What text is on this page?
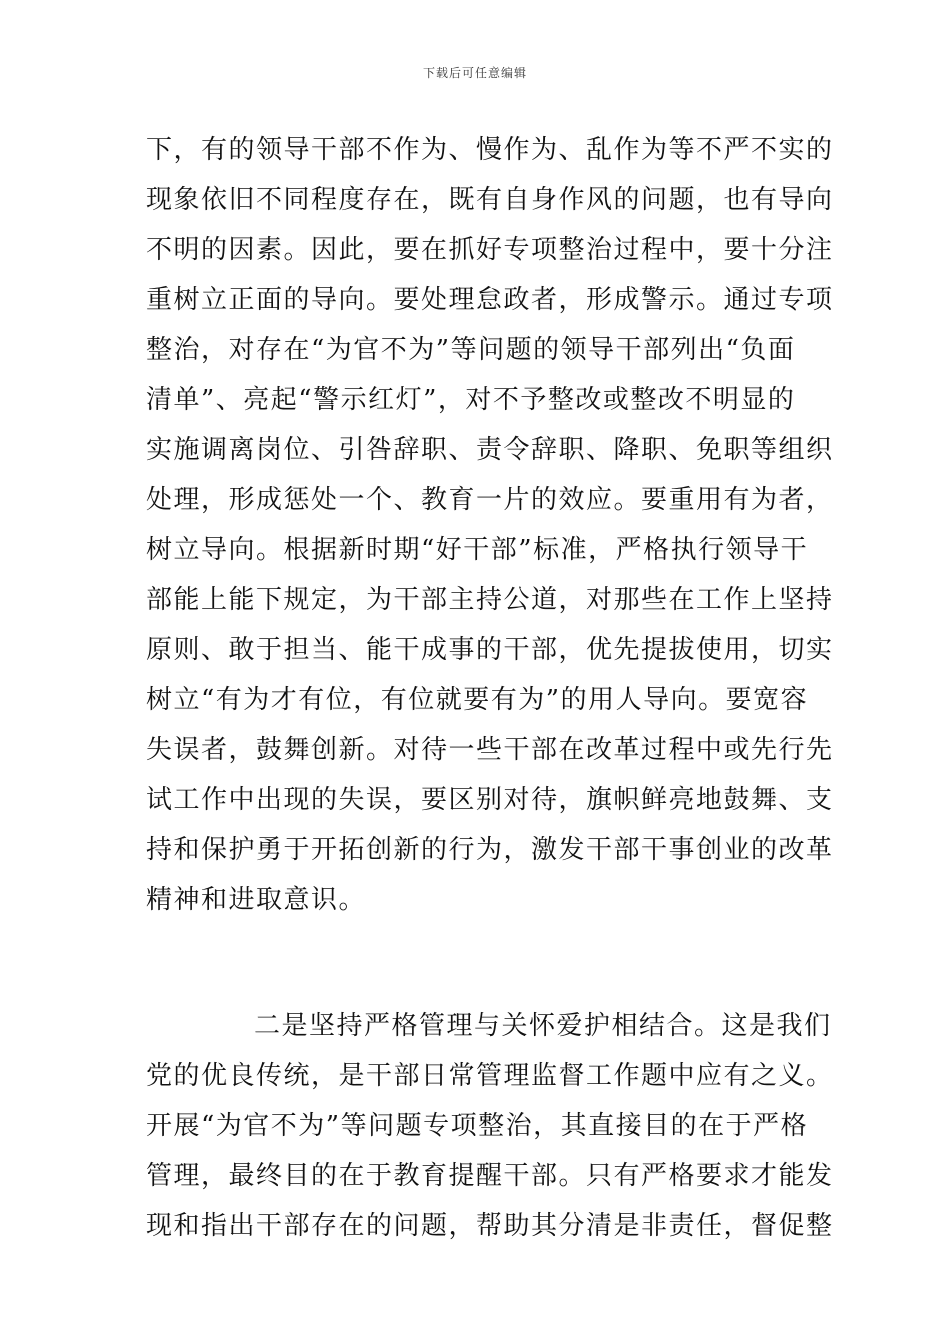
下载后可任意编辑
下，有的领导干部不作为、慢作为、乱作为等不严不实的
现象依旧不同程度存在，既有自身作风的问题，也有导向
不明的因素。因此，要在抓好专项整治过程中，要十分注
重树立正面的导向。要处理怠政者，形成警示。通过专项
整治，对存在“为官不为”等问题的领导干部列出“负面
清单”、亮起“警示红灯”，对不予整改或整改不明显的
实施调离岗位、引咎辞职、责令辞职、降职、免职等组织
处理，形成惩处一个、教育一片的效应。要重用有为者，
树立导向。根据新时期“好干部”标准，严格执行领导干
部能上能下规定，为干部主持公道，对那些在工作上坚持
原则、敢于担当、能干成事的干部，优先提拔使用，切实
树立“有为才有位，有位就要有为”的用人导向。要宽容
失误者，鼓舞创新。对待一些干部在改革过程中或先行先
试工作中出现的失误，要区别对待，旗帜鲜亮地鼓舞、支
持和保护勇于开拓创新的行为，激发干部干事创业的改革
精神和进取意识。
二是坚持严格管理与关怀爱护相结合。这是我们
党的优良传统，是干部日常管理监督工作题中应有之义。
开展“为官不为”等问题专项整治，其直接目的在于严格
管理，最终目的在于教育提醒干部。只有严格要求才能发
现和指出干部存在的问题，帮助其分清是非责任，督促整
